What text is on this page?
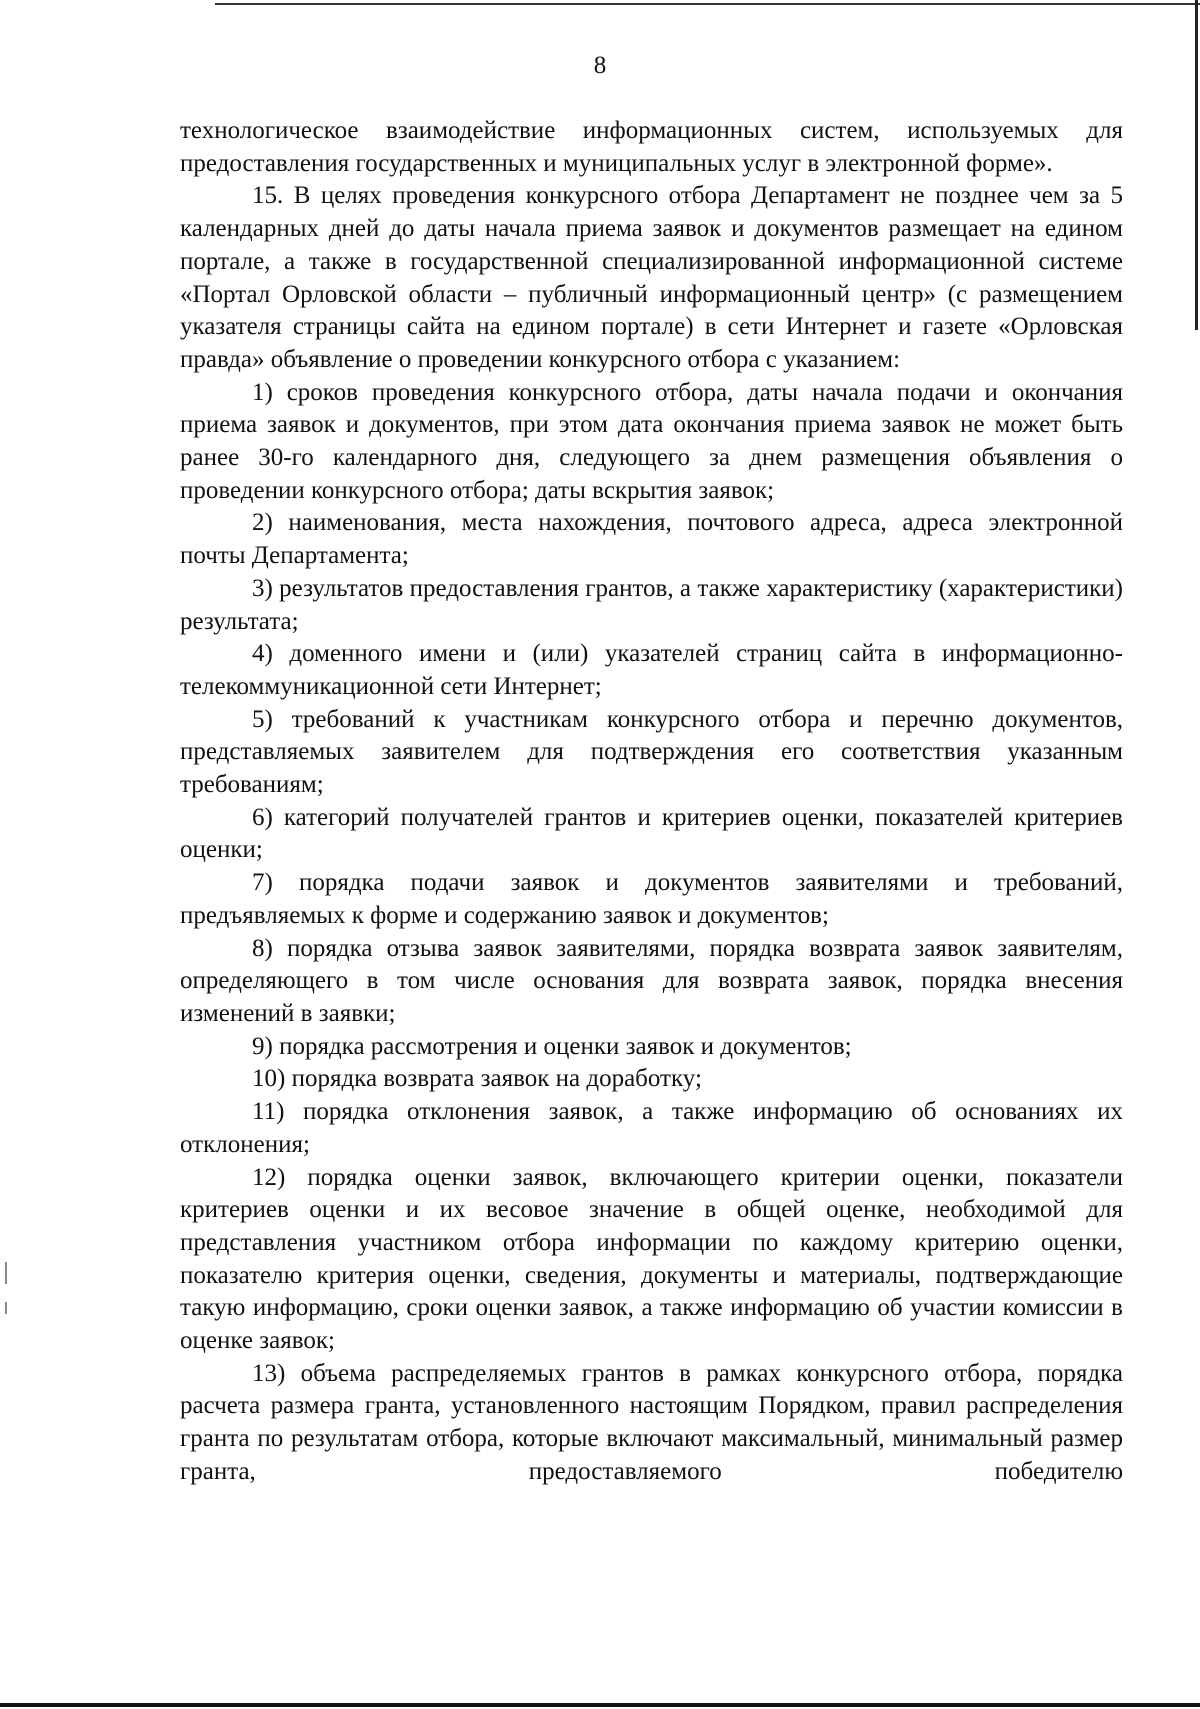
8

технологическое взаимодействие информационных систем, используемых для предоставления государственных и муниципальных услуг в электронной форме».

15. В целях проведения конкурсного отбора Департамент не позднее чем за 5 календарных дней до даты начала приема заявок и документов размещает на едином портале, а также в государственной специализированной информационной системе «Портал Орловской области – публичный информационный центр» (с размещением указателя страницы сайта на едином портале) в сети Интернет и газете «Орловская правда» объявление о проведении конкурсного отбора с указанием:

1) сроков проведения конкурсного отбора, даты начала подачи и окончания приема заявок и документов, при этом дата окончания приема заявок не может быть ранее 30-го календарного дня, следующего за днем размещения объявления о проведении конкурсного отбора; даты вскрытия заявок;

2) наименования, места нахождения, почтового адреса, адреса электронной почты Департамента;

3) результатов предоставления грантов, а также характеристику (характеристики) результата;

4) доменного имени и (или) указателей страниц сайта в информационно-телекоммуникационной сети Интернет;

5) требований к участникам конкурсного отбора и перечню документов, представляемых заявителем для подтверждения его соответствия указанным требованиям;

6) категорий получателей грантов и критериев оценки, показателей критериев оценки;

7) порядка подачи заявок и документов заявителями и требований, предъявляемых к форме и содержанию заявок и документов;

8) порядка отзыва заявок заявителями, порядка возврата заявок заявителям, определяющего в том числе основания для возврата заявок, порядка внесения изменений в заявки;

9) порядка рассмотрения и оценки заявок и документов;

10) порядка возврата заявок на доработку;

11) порядка отклонения заявок, а также информацию об основаниях их отклонения;

12) порядка оценки заявок, включающего критерии оценки, показатели критериев оценки и их весовое значение в общей оценке, необходимой для представления участником отбора информации по каждому критерию оценки, показателю критерия оценки, сведения, документы и материалы, подтверждающие такую информацию, сроки оценки заявок, а также информацию об участии комиссии в оценке заявок;

13) объема распределяемых грантов в рамках конкурсного отбора, порядка расчета размера гранта, установленного настоящим Порядком, правил распределения гранта по результатам отбора, которые включают максимальный, минимальный размер гранта, предоставляемого победителю
